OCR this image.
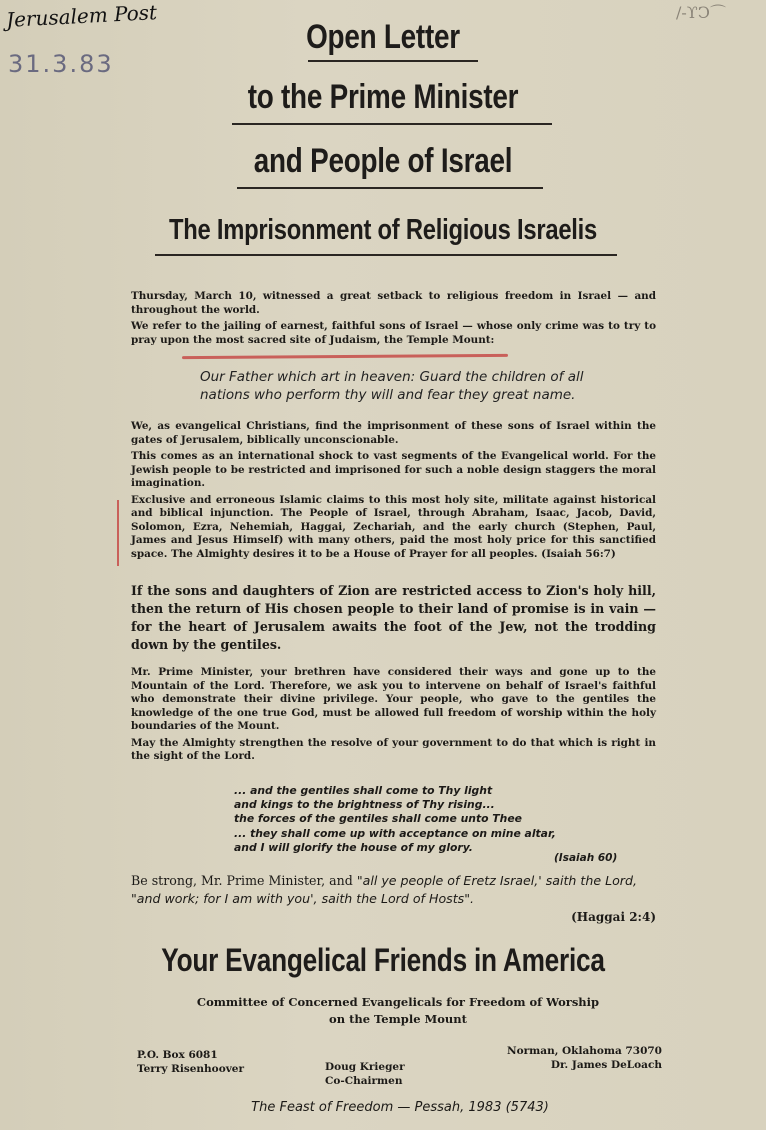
Jerusalem Post
31.3.83
/-ϒϽ⌒
Open Letter
to the Prime Minister
and People of Israel
The Imprisonment of Religious Israelis

Thursday, March 10, witnessed a great setback to religious freedom in Israel — and throughout the world.

We refer to the jailing of earnest, faithful sons of Israel — whose only crime was to try to pray upon the most sacred site of Judaism, the Temple Mount:

Our Father which art in heaven: Guard the children of all nations who perform thy will and fear they great name.

We, as evangelical Christians, find the imprisonment of these sons of Israel within the gates of Jerusalem, biblically unconscionable.

This comes as an international shock to vast segments of the Evangelical world. For the Jewish people to be restricted and imprisoned for such a noble design staggers the moral imagination.

Exclusive and erroneous Islamic claims to this most holy site, militate against historical and biblical injunction. The People of Israel, through Abraham, Isaac, Jacob, David, Solomon, Ezra, Nehemiah, Haggai, Zechariah, and the early church (Stephen, Paul, James and Jesus Himself) with many others, paid the most holy price for this sanctified space. The Almighty desires it to be a House of Prayer for all peoples. (Isaiah 56:7)

If the sons and daughters of Zion are restricted access to Zion's holy hill, then the return of His chosen people to their land of promise is in vain — for the heart of Jerusalem awaits the foot of the Jew, not the trodding down by the gentiles.

Mr. Prime Minister, your brethren have considered their ways and gone up to the Mountain of the Lord. Therefore, we ask you to intervene on behalf of Israel's faithful who demonstrate their divine privilege. Your people, who gave to the gentiles the knowledge of the one true God, must be allowed full freedom of worship within the holy boundaries of the Mount.

May the Almighty strengthen the resolve of your government to do that which is right in the sight of the Lord.

... and the gentiles shall come to Thy light
and kings to the brightness of Thy rising...
the forces of the gentiles shall come unto Thee
... they shall come up with acceptance on mine altar,
and I will glorify the house of my glory.
(Isaiah 60)
Be strong, Mr. Prime Minister, and "all ye people of Eretz Israel,' saith the Lord, "and work; for I am with you', saith the Lord of Hosts".
(Haggai 2:4)
Your Evangelical Friends in America
Committee of Concerned Evangelicals for Freedom of Worship
on the Temple Mount
P.O. Box 6081
Terry Risenhoover	Doug Krieger
Co-Chairmen
Norman, Oklahoma 73070
Dr. James DeLoach
The Feast of Freedom — Pessah, 1983 (5743)
